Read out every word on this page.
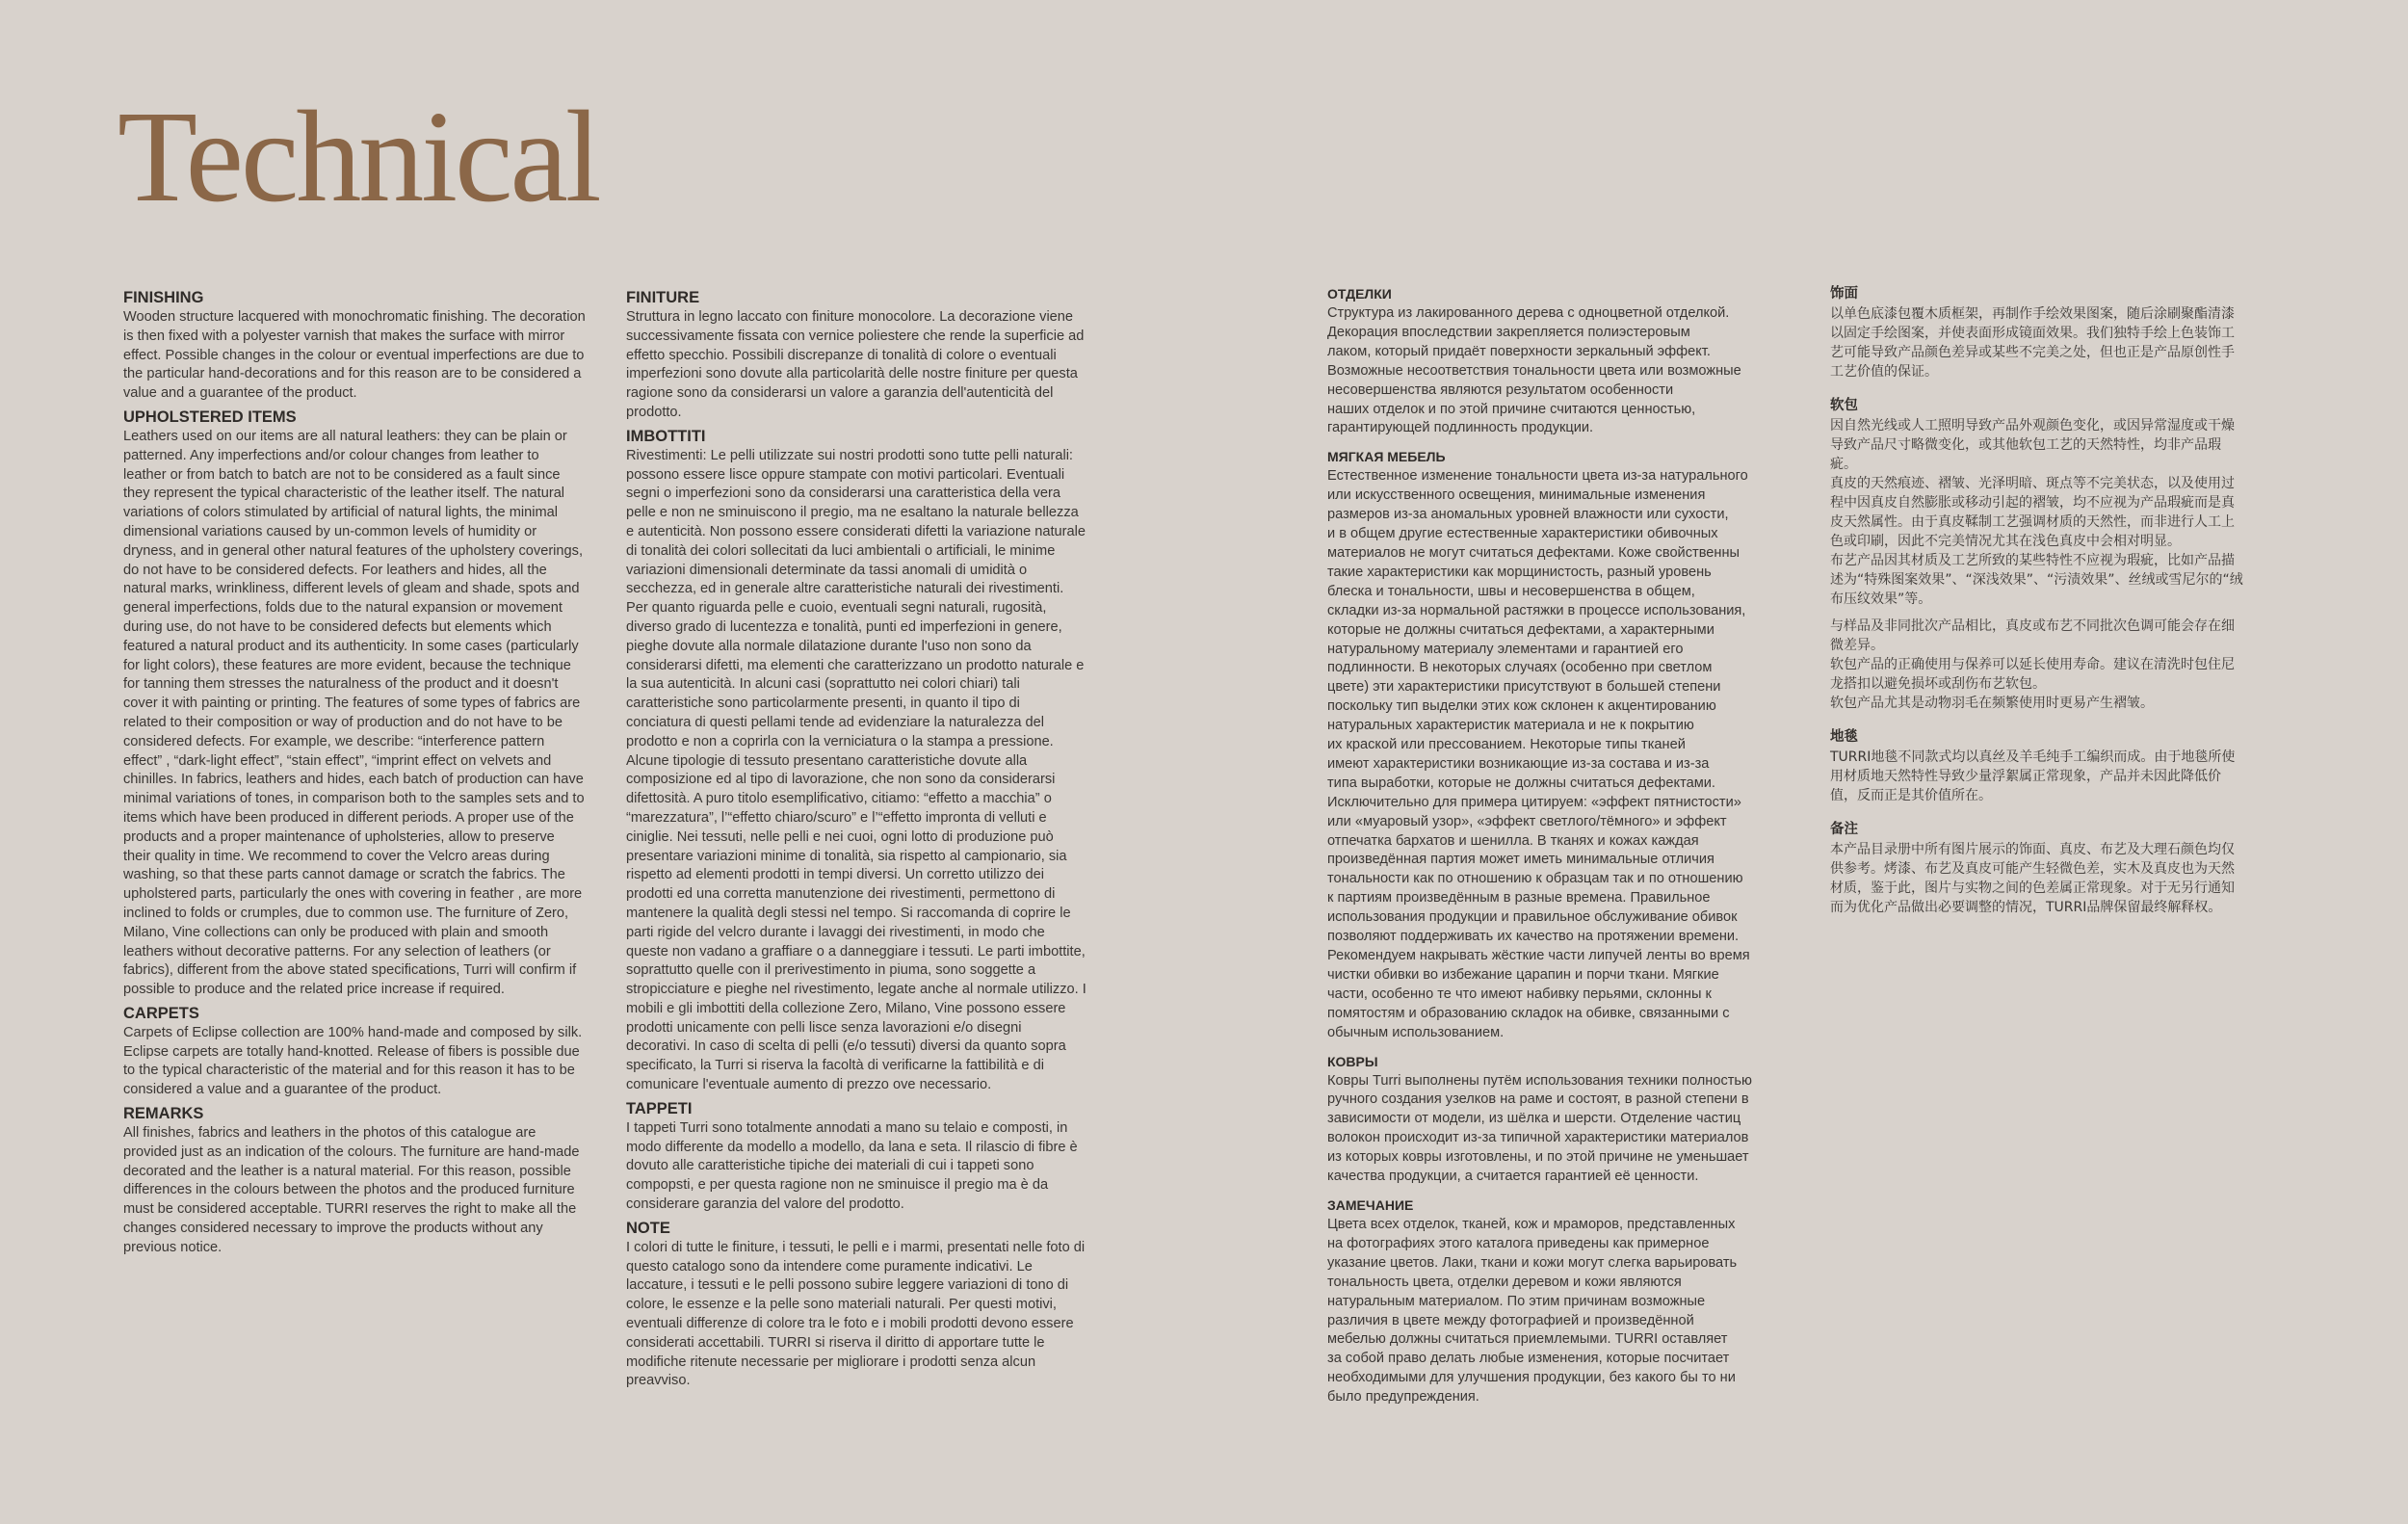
Technical
FINISHING

Wooden structure lacquered with monochromatic finishing. The decoration is then fixed with a polyester varnish that makes the surface with mirror effect. Possible changes in the colour or eventual imperfections are due to the particular hand-decorations and for this reason are to be considered a value and a guarantee of the product.

UPHOLSTERED ITEMS

Leathers used on our items are all natural leathers: they can be plain or patterned. Any imperfections and/or colour changes from leather to leather or from batch to batch are not to be considered as a fault since they represent the typical characteristic of the leather itself. The natural variations of colors stimulated by artificial of natural lights, the minimal dimensional variations caused by un-common levels of humidity or dryness, and in general other natural features of the upholstery coverings, do not have to be considered defects. For leathers and hides, all the natural marks, wrinkliness, different levels of gleam and shade, spots and general imperfections, folds due to the natural expansion or movement during use, do not have to be considered defects but elements which featured a natural product and its authenticity. In some cases (particularly for light colors), these features are more evident, because the technique for tanning them stresses the naturalness of the product and it doesn't cover it with painting or printing. The features of some types of fabrics are related to their composition or way of production and do not have to be considered defects. For example, we describe: “interference pattern effect” , “dark-light effect”, “stain effect”, “imprint effect on velvets and chinilles. In fabrics, leathers and hides, each batch of production can have minimal variations of tones, in comparison both to the samples sets and to items which have been produced in different periods. A proper use of the products and a proper maintenance of upholsteries, allow to preserve their quality in time. We recommend to cover the Velcro areas during washing, so that these parts cannot damage or scratch the fabrics. The upholstered parts, particularly the ones with covering in feather , are more inclined to folds or crumples, due to common use. The furniture of Zero, Milano, Vine collections can only be produced with plain and smooth leathers without decorative patterns. For any selection of leathers (or fabrics), different from the above stated specifications, Turri will confirm if possible to produce and the related price increase if required.

CARPETS

Carpets of Eclipse collection are 100% hand-made and composed by silk. Eclipse carpets are totally hand-knotted. Release of fibers is possible due to the typical characteristic of the material and for this reason it has to be considered a value and a guarantee of the product.

REMARKS

All finishes, fabrics and leathers in the photos of this catalogue are provided just as an indication of the colours. The furniture are hand-made decorated and the leather is a natural material. For this reason, possible differences in the colours between the photos and the produced furniture must be considered acceptable. TURRI reserves the right to make all the changes considered necessary to improve the products without any previous notice.

FINITURE

Struttura in legno laccato con finiture monocolore. La decorazione viene successivamente fissata con vernice poliestere che rende la superficie ad effetto specchio. Possibili discrepanze di tonalità di colore o eventuali imperfezioni sono dovute alla particolarità delle nostre finiture per questa ragione sono da considerarsi un valore a garanzia dell'autenticità del prodotto.

IMBOTTITI

Rivestimenti: Le pelli utilizzate sui nostri prodotti sono tutte pelli naturali: possono essere lisce oppure stampate con motivi particolari. Eventuali segni o imperfezioni sono da considerarsi una caratteristica della vera pelle e non ne sminuiscono il pregio, ma ne esaltano la naturale bellezza e autenticità. Non possono essere considerati difetti la variazione naturale di tonalità dei colori sollecitati da luci ambientali o artificiali, le minime variazioni dimensionali determinate da tassi anomali di umidità o secchezza, ed in generale altre caratteristiche naturali dei rivestimenti. Per quanto riguarda pelle e cuoio, eventuali segni naturali, rugosità, diverso grado di lucentezza e tonalità, punti ed imperfezioni in genere, pieghe dovute alla normale dilatazione durante l'uso non sono da considerarsi difetti, ma elementi che caratterizzano un prodotto naturale e la sua autenticità. In alcuni casi (soprattutto nei colori chiari) tali caratteristiche sono particolarmente presenti, in quanto il tipo di conciatura di questi pellami tende ad evidenziare la naturalezza del prodotto e non a coprirla con la verniciatura o la stampa a pressione. Alcune tipologie di tessuto presentano caratteristiche dovute alla composizione ed al tipo di lavorazione, che non sono da considerarsi difettosità. A puro titolo esemplificativo, citiamo: “effetto a macchia” o “marezzatura”, l’“effetto chiaro/scuro” e l’“effetto impronta di velluti e ciniglie. Nei tessuti, nelle pelli e nei cuoi, ogni lotto di produzione può presentare variazioni minime di tonalità, sia rispetto al campionario, sia rispetto ad elementi prodotti in tempi diversi. Un corretto utilizzo dei prodotti ed una corretta manutenzione dei rivestimenti, permettono di mantenere la qualità degli stessi nel tempo. Si raccomanda di coprire le parti rigide del velcro durante i lavaggi dei rivestimenti, in modo che queste non vadano a graffiare o a danneggiare i tessuti. Le parti imbottite, soprattutto quelle con il prerivestimento in piuma, sono soggette a stropicciature e pieghe nel rivestimento, legate anche al normale utilizzo. I mobili e gli imbottiti della collezione Zero, Milano, Vine possono essere prodotti unicamente con pelli lisce senza lavorazioni e/o disegni decorativi. In caso di scelta di pelli (e/o tessuti) diversi da quanto sopra specificato, la Turri si riserva la facoltà di verificarne la fattibilità e di comunicare l'eventuale aumento di prezzo ove necessario.

TAPPETI

I tappeti Turri sono totalmente annodati a mano su telaio e composti, in modo differente da modello a modello, da lana e seta. Il rilascio di fibre è dovuto alle caratteristiche tipiche dei materiali di cui i tappeti sono compopsti, e per questa ragione non ne sminuisce il pregio ma è da considerare garanzia del valore del prodotto.

NOTE

I colori di tutte le finiture, i tessuti, le pelli e i marmi, presentati nelle foto di questo catalogo sono da intendere come puramente indicativi. Le laccature, i tessuti e le pelli possono subire leggere variazioni di tono di colore, le essenze e la pelle sono materiali naturali. Per questi motivi, eventuali differenze di colore tra le foto e i mobili prodotti devono essere considerati accettabili. TURRI si riserva il diritto di apportare tutte le modifiche ritenute necessarie per migliorare i prodotti senza alcun preavviso.

ОТДЕЛКИ

Структура из лакированного дерева с одноцветной отделкой.
Декорация впоследствии закрепляется полиэстеровым
лаком, который придаёт поверхности зеркальный эффект.
Возможные несоответствия тональности цвета или возможные
несовершенства являются результатом особенности
наших отделок и по этой причине считаются ценностью,
гарантирующей подлинность продукции.

МЯГКАЯ МЕБЕЛЬ

Естественное изменение тональности цвета из-за натурального
или искусственного освещения, минимальные изменения
размеров из-за аномальных уровней влажности или сухости,
и в общем другие естественные характеристики обивочных
материалов не могут считаться дефектами. Коже свойственны
такие характеристики как морщинистость, разный уровень
блеска и тональности, швы и несовершенства в общем,
складки из-за нормальной растяжки в процессе использования,
которые не должны считаться дефектами, а характерными
натуральному материалу элементами и гарантией его
подлинности. В некоторых случаях (особенно при светлом
цвете) эти характеристики присутствуют в большей степени
поскольку тип выделки этих кож склонен к акцентированию
натуральных характеристик материала и не к покрытию
их краской или прессованием. Некоторые типы тканей
имеют характеристики возникающие из-за состава и из-за
типа выработки, которые не должны считаться дефектами.
Исключительно для примера цитируем: «эффект пятнистости»
или «муаровый узор», «эффект светлого/тёмного» и эффект
отпечатка бархатов и шенилла. В тканях и кожах каждая
произведённая партия может иметь минимальные отличия
тональности как по отношению к образцам так и по отношению
к партиям произведённым в разные времена. Правильное
использования продукции и правильное обслуживание обивок
позволяют поддерживать их качество на протяжении времени.
Рекомендуем накрывать жёсткие части липучей ленты во время
чистки обивки во избежание царапин и порчи ткани. Мягкие
части, особенно те что имеют набивку перьями, склонны к
помятостям и образованию складок на обивке, связанными с
обычным использованием.

КОВРЫ

Ковры Turri выполнены путём использования техники полностью
ручного создания узелков на раме и состоят, в разной степени в
зависимости от модели, из шёлка и шерсти. Отделение частиц
волокон происходит из-за типичной характеристики материалов
из которых ковры изготовлены, и по этой причине не уменьшает
качества продукции, а считается гарантией её ценности.

ЗАМЕЧАНИЕ

Цвета всех отделок, тканей, кож и мраморов, представленных
на фотографиях этого каталога приведены как примерное
указание цветов. Лаки, ткани и кожи могут слегка варьировать
тональность цвета, отделки деревом и кожи являются
натуральным материалом. По этим причинам возможные
различия в цвете между фотографией и произведённой
мебелью должны считаться приемлемыми. TURRI оставляет
за собой право делать любые изменения, которые посчитает
необходимыми для улучшения продукции, без какого бы то ни
было предупреждения.

饰面

以单色底漆包覆木质框架，再制作手绘效果图案，随后涂刷聚酯清漆
以固定手绘图案，并使表面形成镜面效果。我们独特手绘上色装饰工
艺可能导致产品颜色差异或某些不完美之处，但也正是产品原创性手
工艺价值的保证。

软包

因自然光线或人工照明导致产品外观颜色变化，或因异常湿度或干燥
导致产品尺寸略微变化，或其他软包工艺的天然特性，均非产品瑕
疵。
真皮的天然痕迹、褶皱、光泽明暗、斑点等不完美状态，以及使用过
程中因真皮自然膨胀或移动引起的褶皱，均不应视为产品瑕疵而是真
皮天然属性。由于真皮鞣制工艺强调材质的天然性，而非进行人工上
色或印刷，因此不完美情况尤其在浅色真皮中会相对明显。
布艺产品因其材质及工艺所致的某些特性不应视为瑕疵，比如产品描
述为“特殊图案效果”、“深浅效果”、“污渍效果”、丝绒或雪尼尔的“绒
布压纹效果”等。

与样品及非同批次产品相比，真皮或布艺不同批次色调可能会存在细
微差异。
软包产品的正确使用与保养可以延长使用寿命。建议在清洗时包住尼
龙搭扣以避免损坏或刮伤布艺软包。
软包产品尤其是动物羽毛在频繁使用时更易产生褶皱。

地毯

TURRI地毯不同款式均以真丝及羊毛纯手工编织而成。由于地毯所使
用材质地天然特性导致少量浮絮属正常现象，产品并未因此降低价
值，反而正是其价值所在。

备注

本产品目录册中所有图片展示的饰面、真皮、布艺及大理石颜色均仅
供参考。烤漆、布艺及真皮可能产生轻微色差，实木及真皮也为天然
材质，鉴于此，图片与实物之间的色差属正常现象。对于无另行通知
而为优化产品做出必要调整的情况，TURRI品牌保留最终解释权。
